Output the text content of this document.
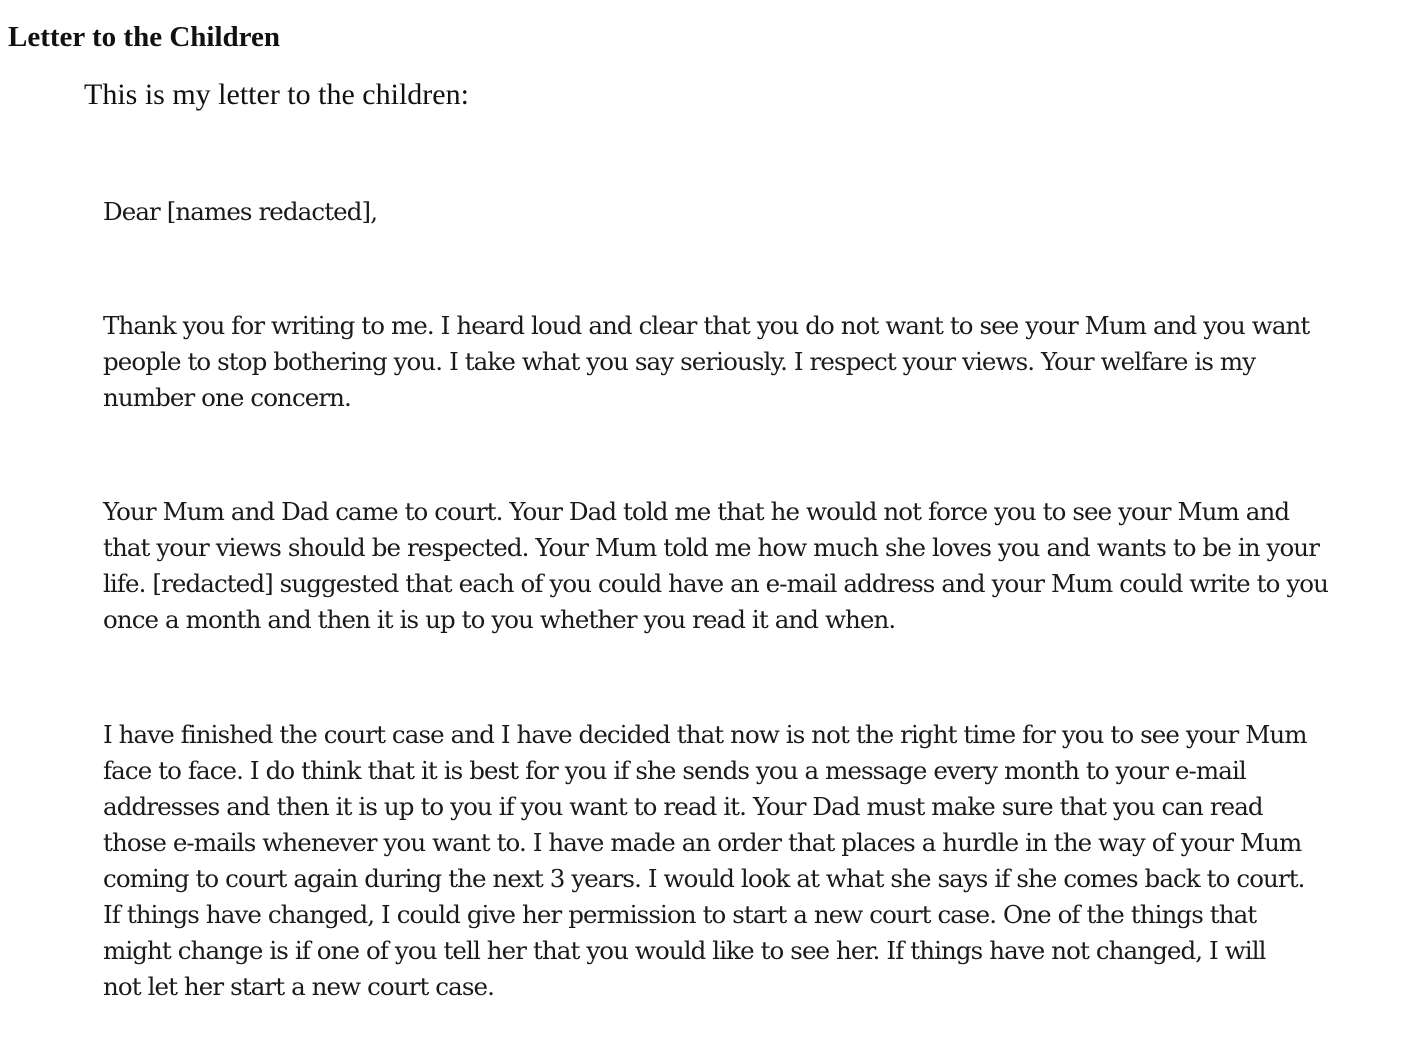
Letter to the Children

This is my letter to the children:

Dear [names redacted],

Thank you for writing to me. I heard loud and clear that you do not want to see your Mum and you want
people to stop bothering you. I take what you say seriously. I respect your views. Your welfare is my
number one concern.

Your Mum and Dad came to court. Your Dad told me that he would not force you to see your Mum and
that your views should be respected. Your Mum told me how much she loves you and wants to be in your
life. [redacted] suggested that each of you could have an e-mail address and your Mum could write to you
once a month and then it is up to you whether you read it and when.

I have finished the court case and I have decided that now is not the right time for you to see your Mum
face to face. I do think that it is best for you if she sends you a message every month to your e-mail
addresses and then it is up to you if you want to read it. Your Dad must make sure that you can read
those e-mails whenever you want to. I have made an order that places a hurdle in the way of your Mum
coming to court again during the next 3 years. I would look at what she says if she comes back to court.
If things have changed, I could give her permission to start a new court case. One of the things that
might change is if one of you tell her that you would like to see her. If things have not changed, I will
not let her start a new court case.
